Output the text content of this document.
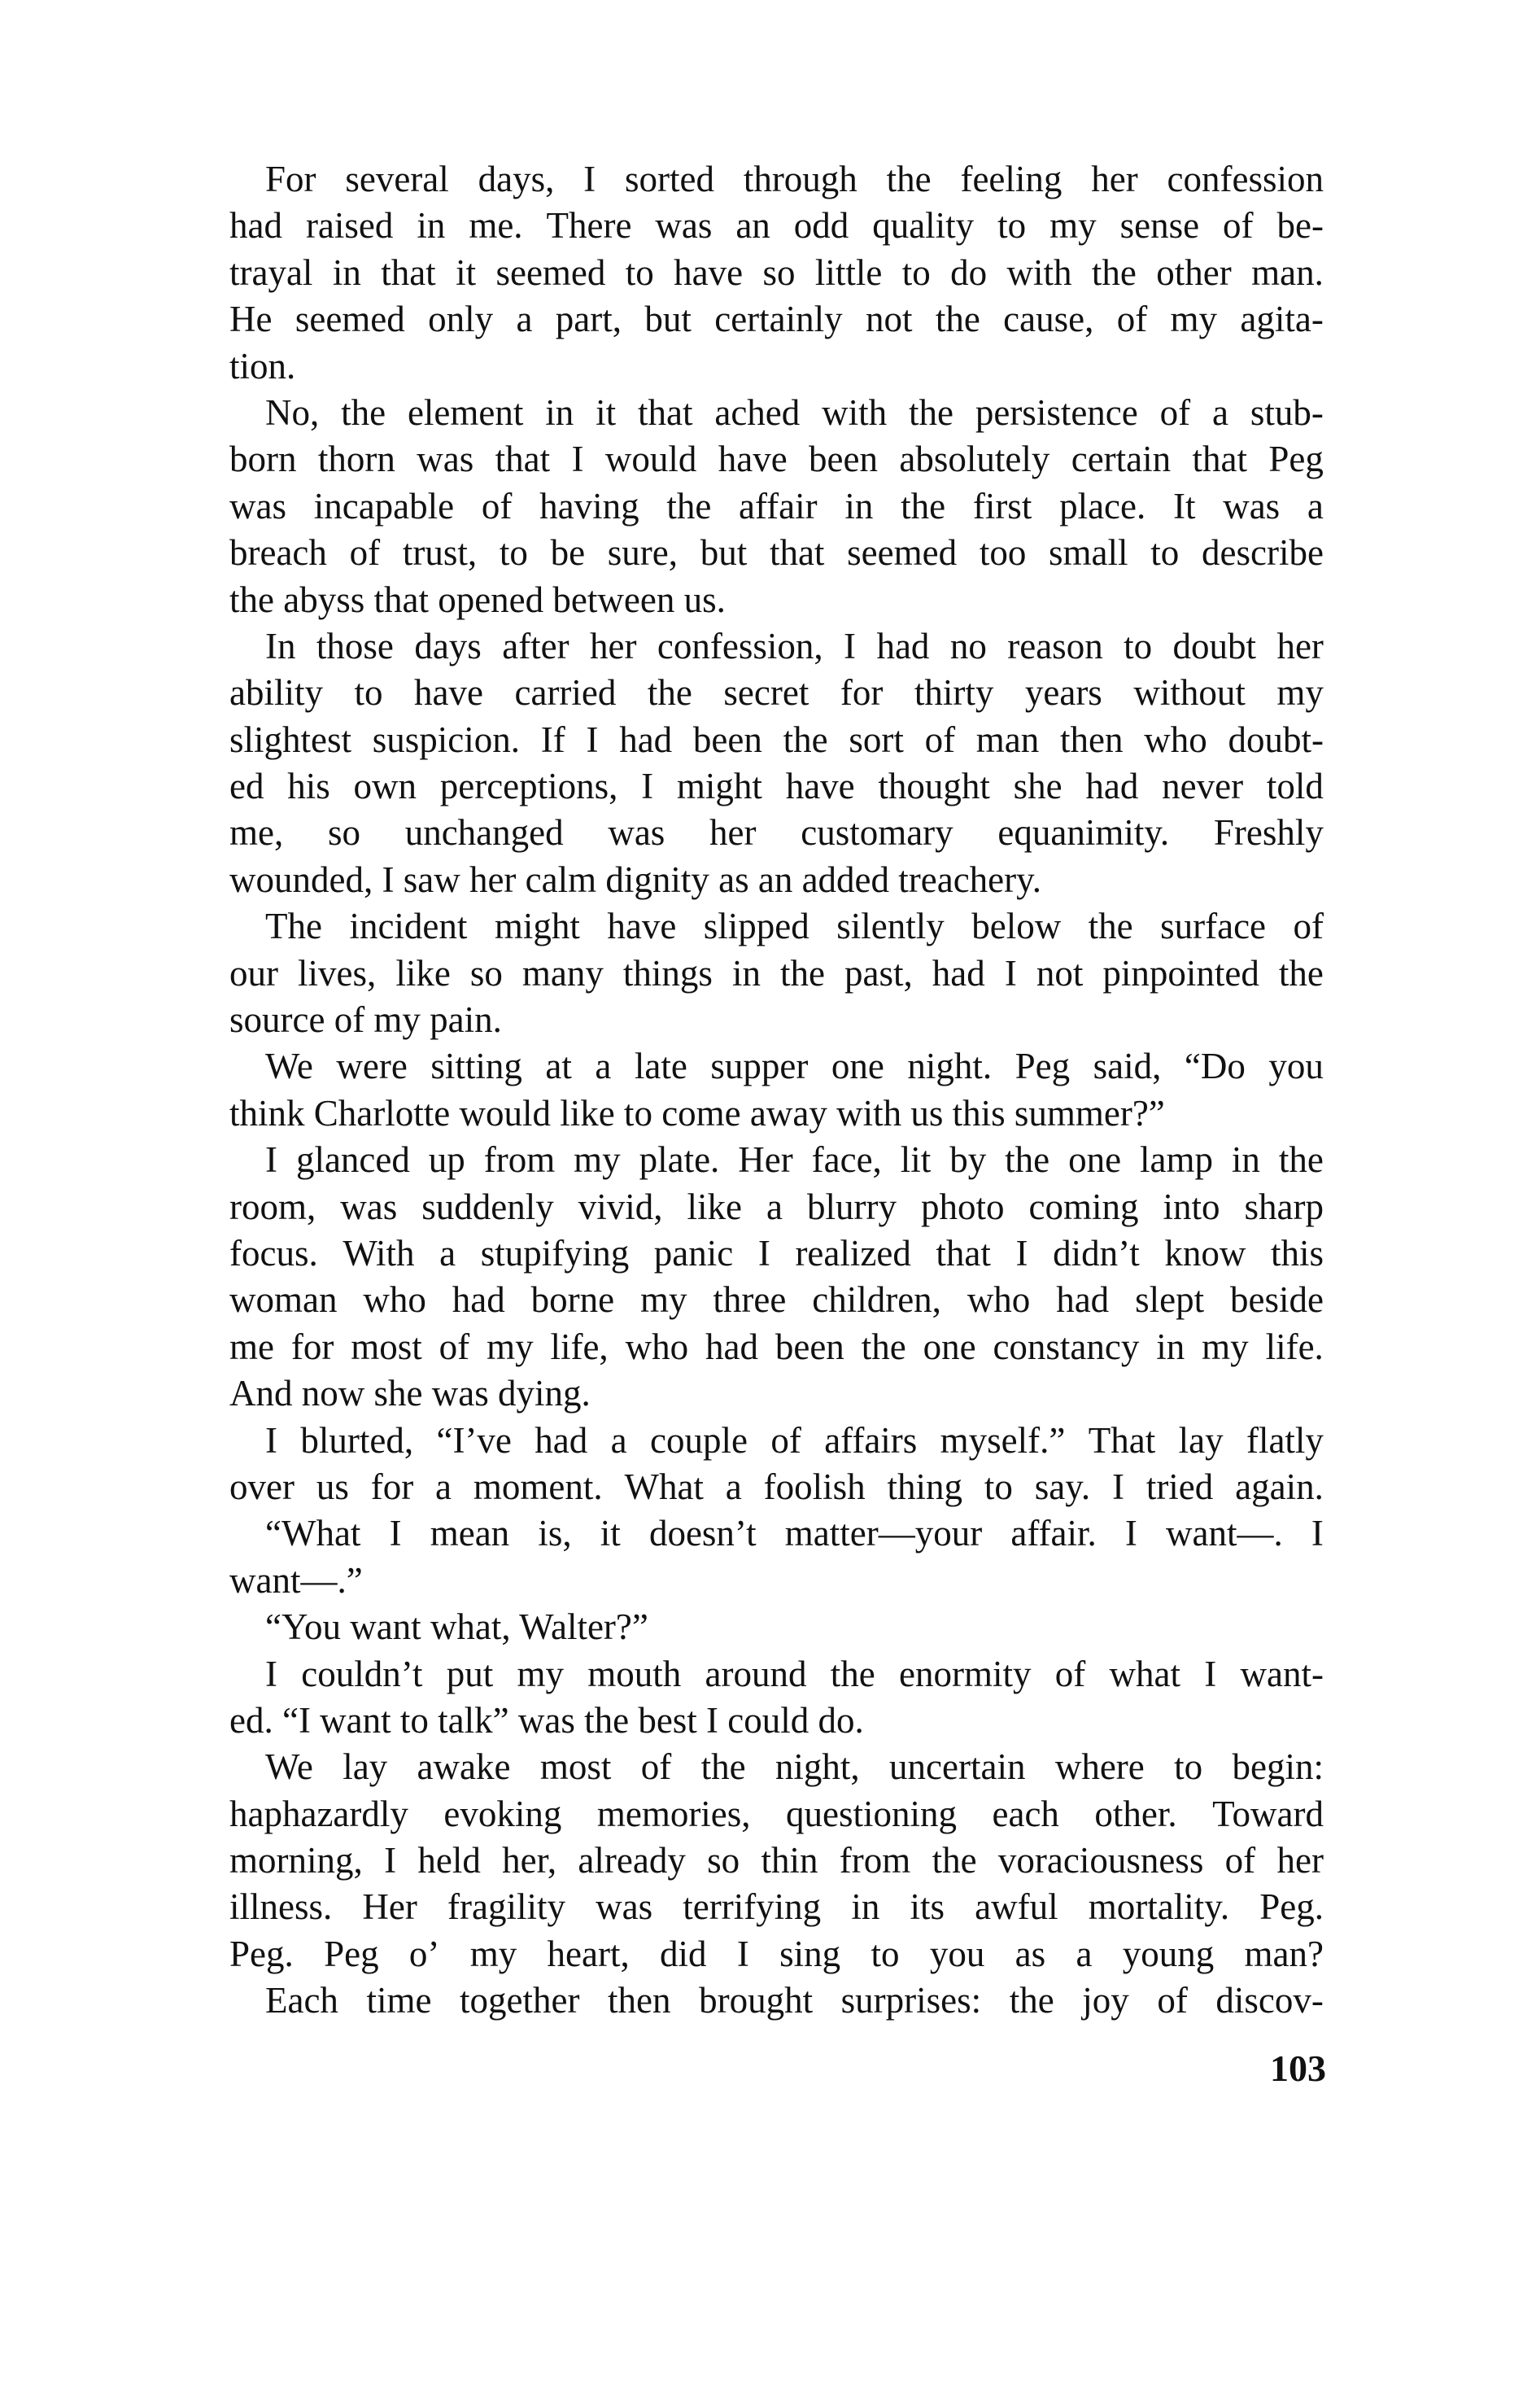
For several days, I sorted through the feeling her confession
had raised in me. There was an odd quality to my sense of be-
trayal in that it seemed to have so little to do with the other man.
He seemed only a part, but certainly not the cause, of my agita-
tion.
No, the element in it that ached with the persistence of a stub-
born thorn was that I would have been absolutely certain that Peg
was incapable of having the affair in the first place. It was a
breach of trust, to be sure, but that seemed too small to describe
the abyss that opened between us.
In those days after her confession, I had no reason to doubt her
ability to have carried the secret for thirty years without my
slightest suspicion. If I had been the sort of man then who doubt-
ed his own perceptions, I might have thought she had never told
me, so unchanged was her customary equanimity. Freshly
wounded, I saw her calm dignity as an added treachery.
The incident might have slipped silently below the surface of
our lives, like so many things in the past, had I not pinpointed the
source of my pain.
We were sitting at a late supper one night. Peg said, “Do you
think Charlotte would like to come away with us this summer?”
I glanced up from my plate. Her face, lit by the one lamp in the
room, was suddenly vivid, like a blurry photo coming into sharp
focus. With a stupifying panic I realized that I didn’t know this
woman who had borne my three children, who had slept beside
me for most of my life, who had been the one constancy in my life.
And now she was dying.
I blurted, “I’ve had a couple of affairs myself.” That lay flatly
over us for a moment. What a foolish thing to say. I tried again.
“What I mean is, it doesn’t matter—your affair. I want—. I
want—.”
“You want what, Walter?”
I couldn’t put my mouth around the enormity of what I want-
ed. “I want to talk” was the best I could do.
We lay awake most of the night, uncertain where to begin:
haphazardly evoking memories, questioning each other. Toward
morning, I held her, already so thin from the voraciousness of her
illness. Her fragility was terrifying in its awful mortality. Peg.
Peg. Peg o’ my heart, did I sing to you as a young man?
Each time together then brought surprises: the joy of discov-
103
